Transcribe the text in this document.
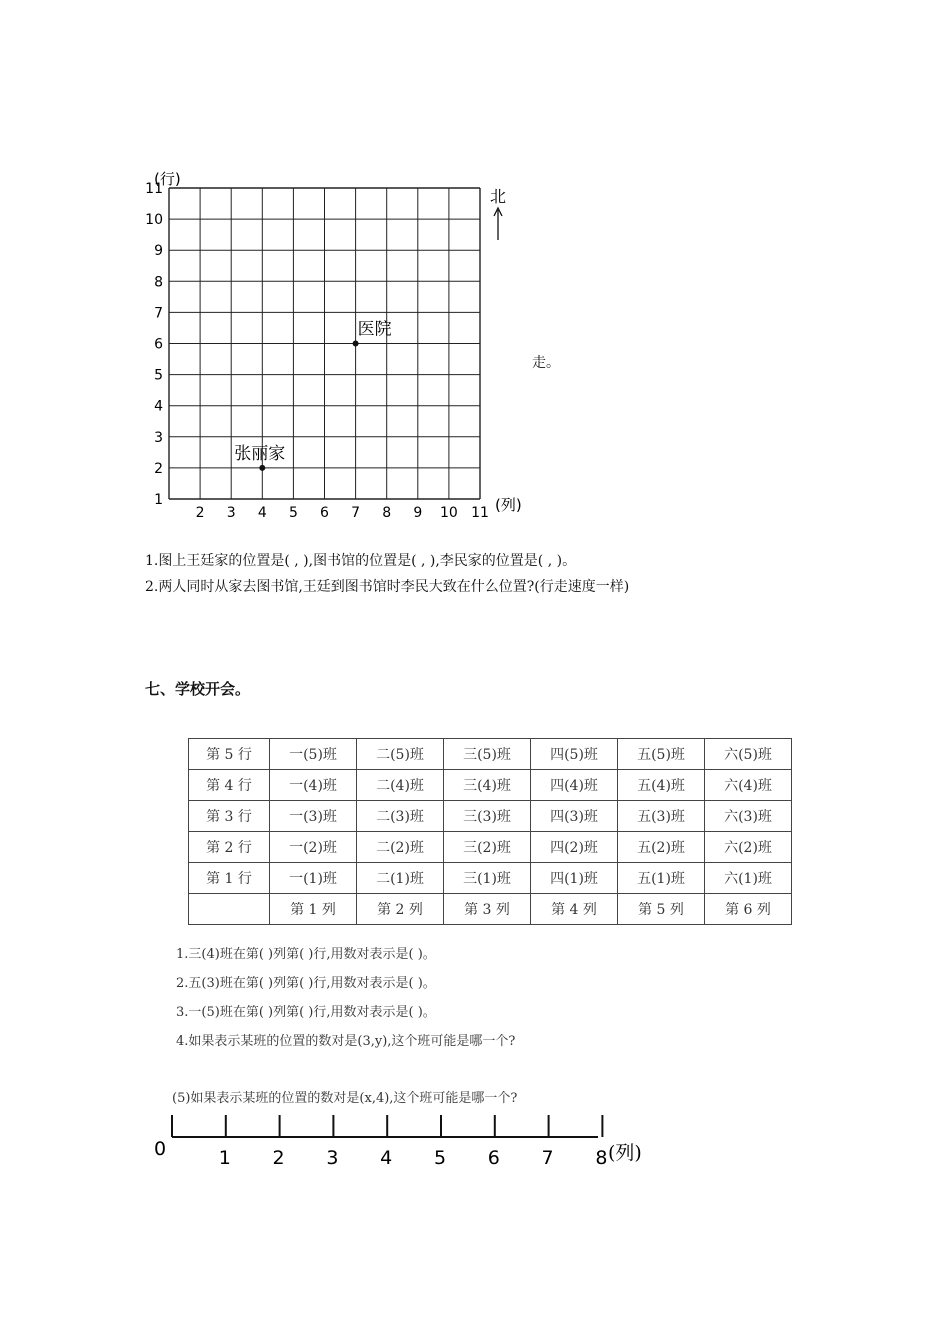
(行)
1
2
3
4
5
6
7
8
9
10
11
2 3 4 5 6 7 8 9 10 11
医院
张丽家
(列)
北
走。
1.图上王廷家的位置是( , ),图书馆的位置是( , ),李民家的位置是( , )。
2.两人同时从家去图书馆,王廷到图书馆时李民大致在什么位置?(行走速度一样)
七、学校开会。
第 5 行	一(5)班	二(5)班	三(5)班	四(5)班	五(5)班	六(5)班
第 4 行	一(4)班	二(4)班	三(4)班	四(4)班	五(4)班	六(4)班
第 3 行	一(3)班	二(3)班	三(3)班	四(3)班	五(3)班	六(3)班
第 2 行	一(2)班	二(2)班	三(2)班	四(2)班	五(2)班	六(2)班
第 1 行	一(1)班	二(1)班	三(1)班	四(1)班	五(1)班	六(1)班
	第 1 列	第 2 列	第 3 列	第 4 列	第 5 列	第 6 列
1.三(4)班在第( )列第( )行,用数对表示是( )。
2.五(3)班在第( )列第( )行,用数对表示是( )。
3.一(5)班在第( )列第( )行,用数对表示是( )。
4.如果表示某班的位置的数对是(3,y),这个班可能是哪一个?
(5)如果表示某班的位置的数对是(x,4),这个班可能是哪一个?
0	1 2 3 4 5 6 7 8 (列)
